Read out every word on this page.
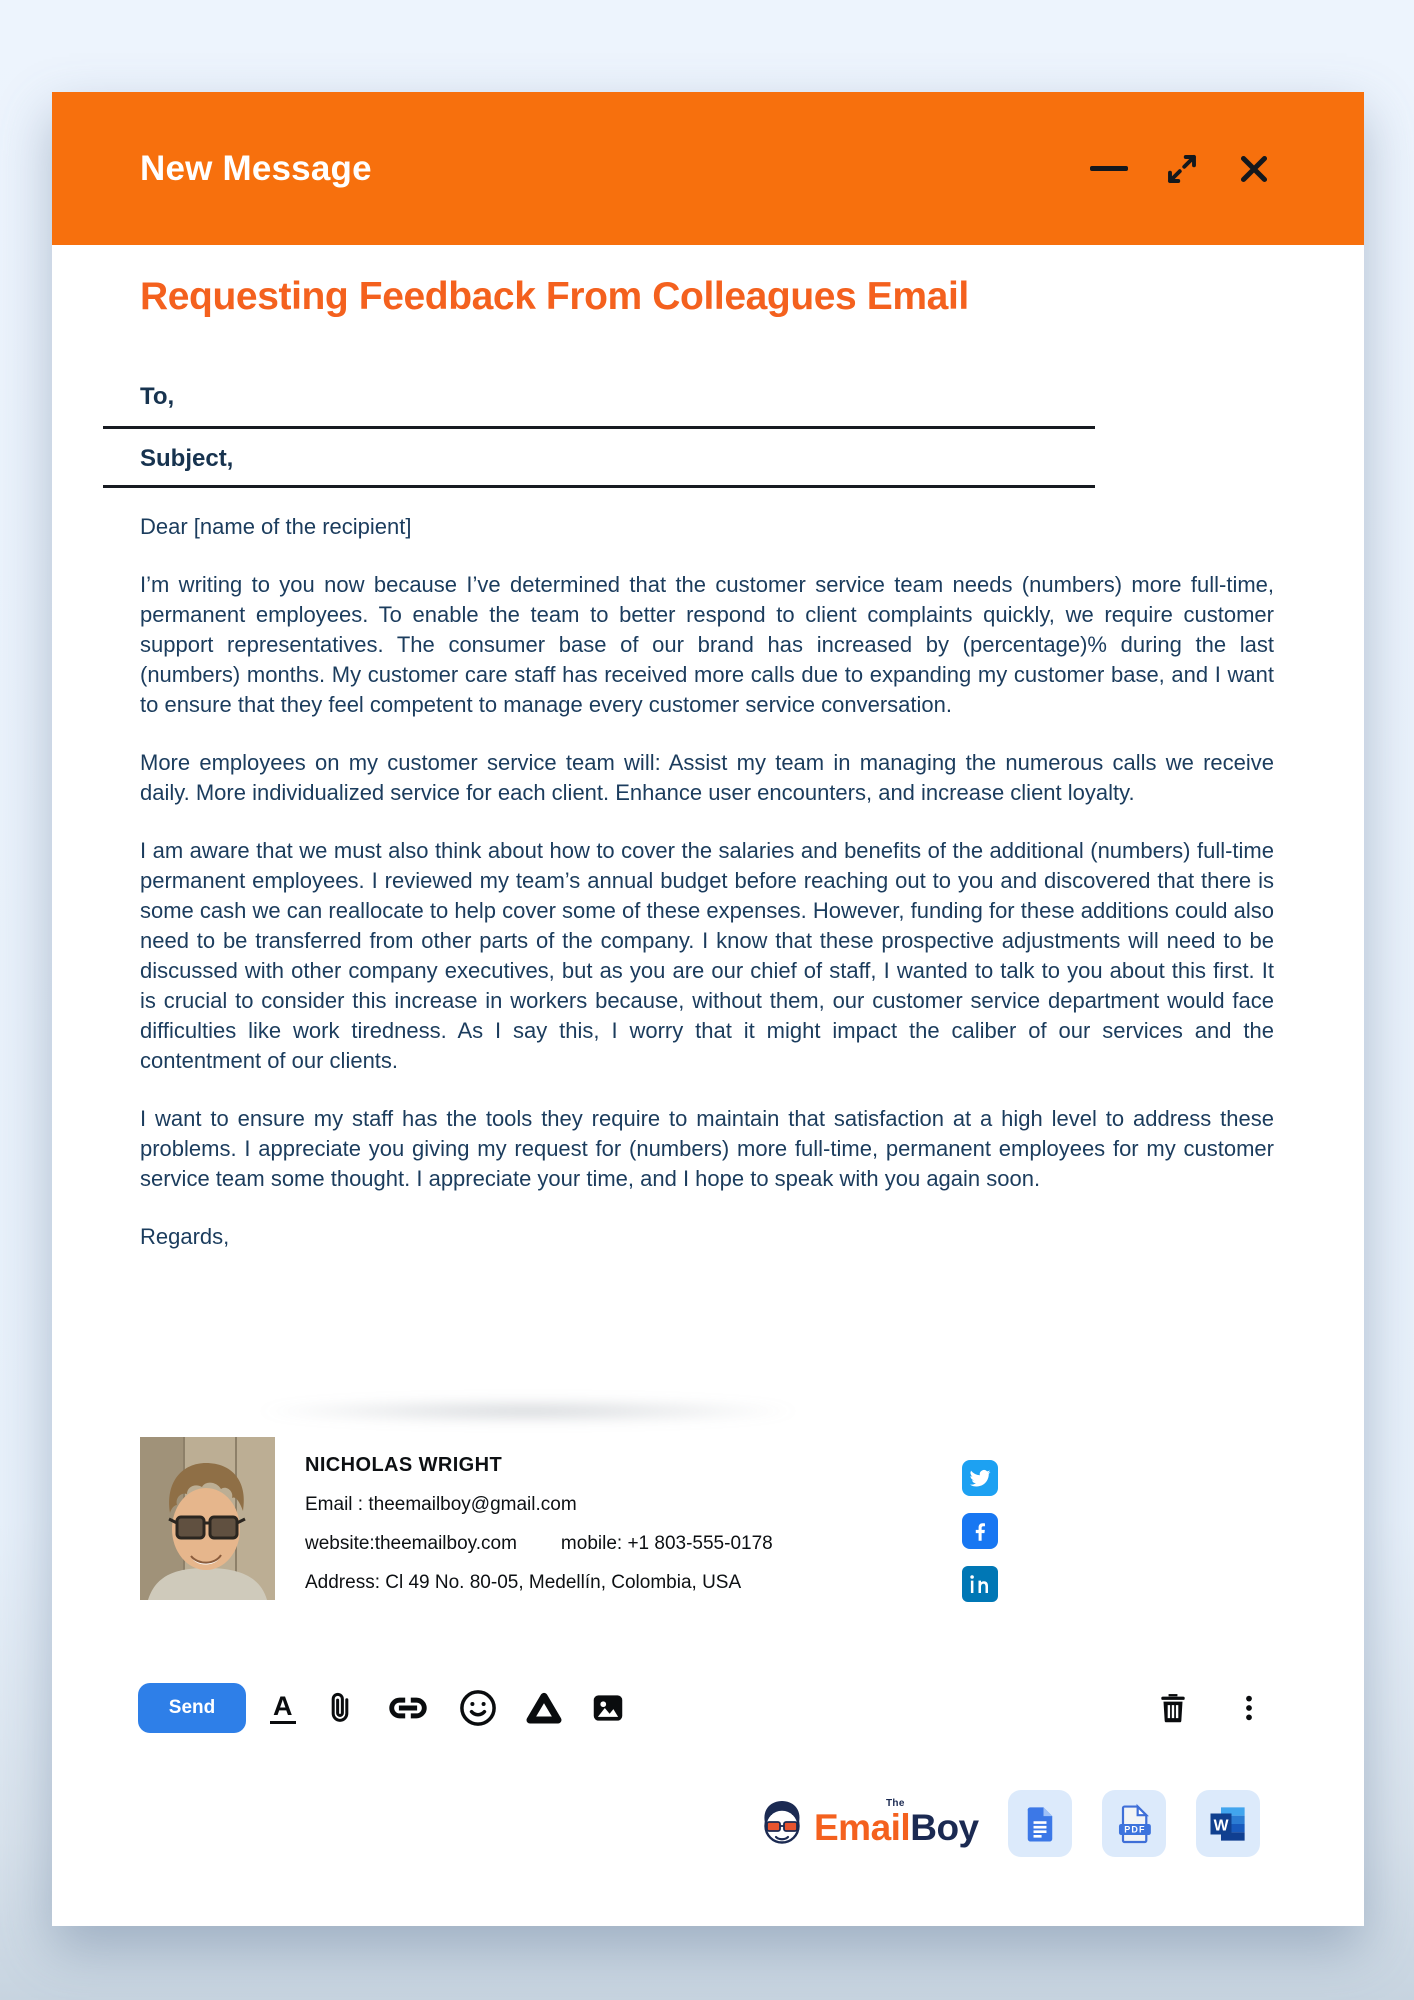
New Message
Requesting Feedback From Colleagues Email
To,
Subject,

Dear [name of the recipient]

I’m writing to you now because I’ve determined that the customer service team needs (numbers) more full-time, permanent employees. To enable the team to better respond to client complaints quickly, we require customer support representatives. The consumer base of our brand has increased by (percentage)% during the last (numbers) months. My customer care staff has received more calls due to expanding my customer base, and I want to ensure that they feel competent to manage every customer service conversation.

More employees on my customer service team will: Assist my team in managing the numerous calls we receive daily. More individualized service for each client. Enhance user encounters, and increase client loyalty.

I am aware that we must also think about how to cover the salaries and benefits of the additional (numbers) full-time permanent employees. I reviewed my team’s annual budget before reaching out to you and discovered that there is some cash we can reallocate to help cover some of these expenses. However, funding for these additions could also need to be transferred from other parts of the company. I know that these prospective adjustments will need to be discussed with other company executives, but as you are our chief of staff, I wanted to talk to you about this first. It is crucial to consider this increase in workers because, without them, our customer service department would face difficulties like work tiredness. As I say this, I worry that it might impact the caliber of our services and the contentment of our clients.

I want to ensure my staff has the tools they require to maintain that satisfaction at a high level to address these problems. I appreciate you giving my request for (numbers) more full-time, permanent employees for my customer service team some thought. I appreciate your time, and I hope to speak with you again soon.

Regards,

NICHOLAS WRIGHT
Email : theemailboy@gmail.com
website:theemailboy.com mobile: +1 803-555-0178
Address: Cl 49 No. 80-05, Medellín, Colombia, USA
Send	A
The
EmailBoy	PDF	W
